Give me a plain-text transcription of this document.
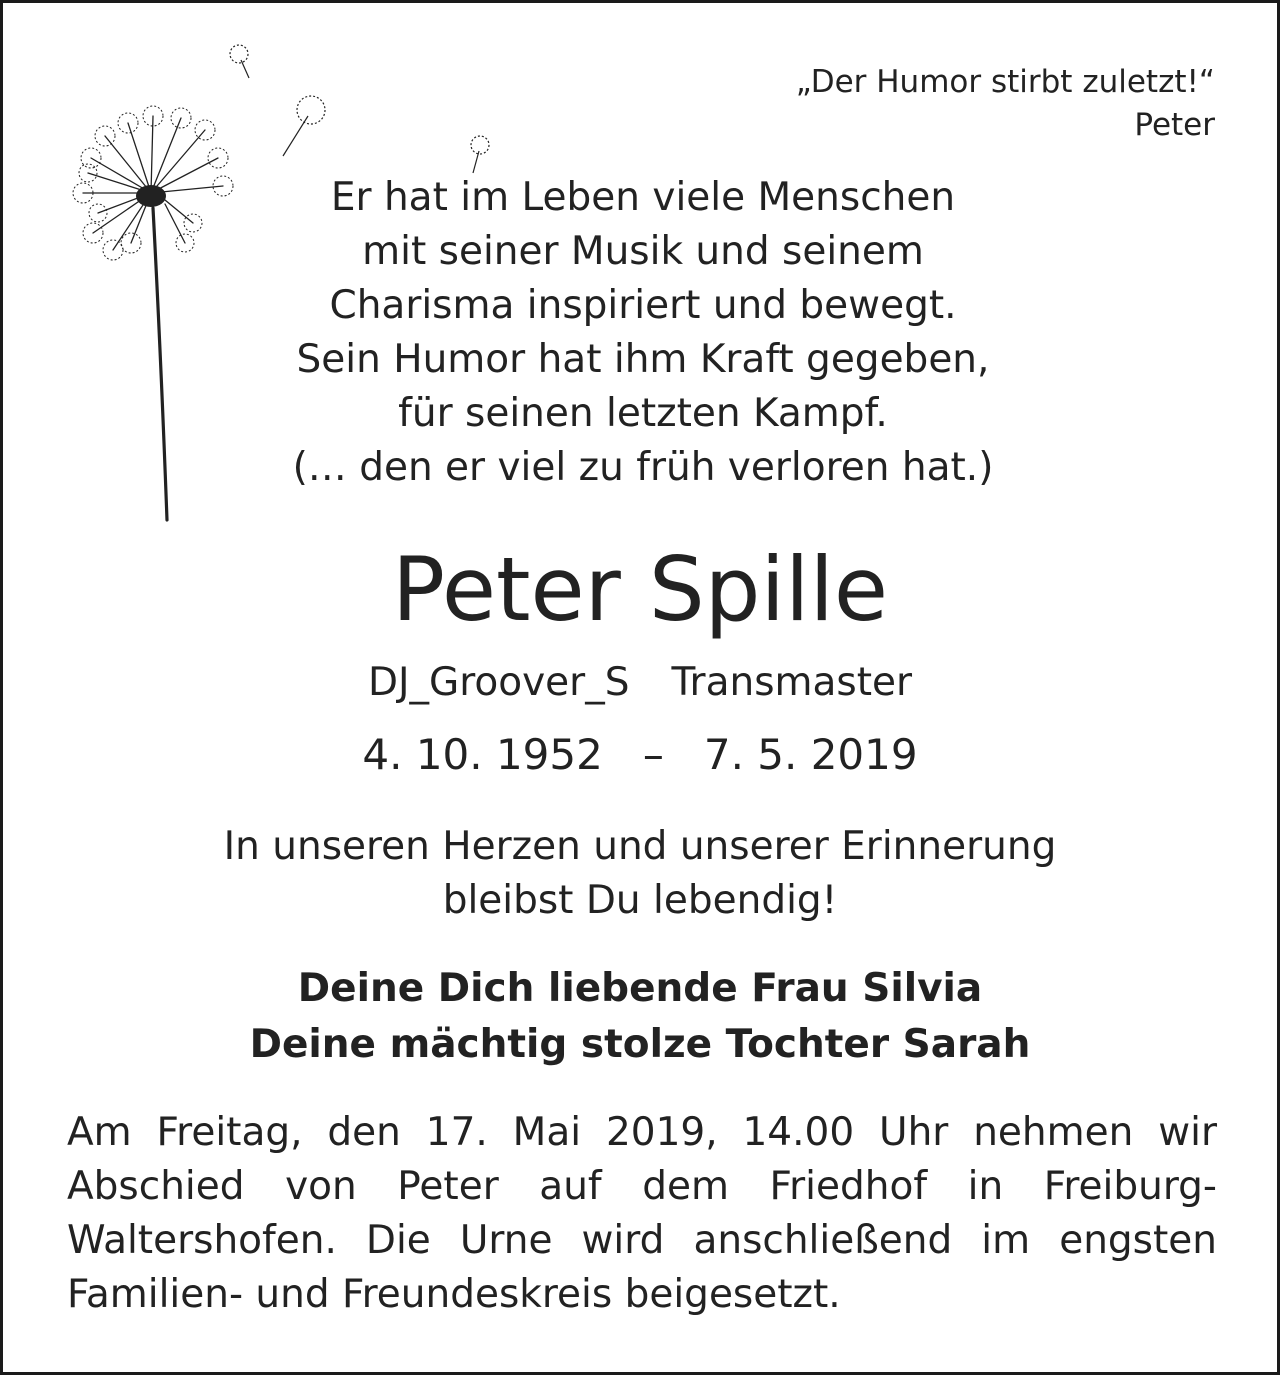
„Der Humor stirbt zuletzt!“
Peter
Er hat im Leben viele Menschen
mit seiner Musik und seinem
Charisma inspiriert und bewegt.
Sein Humor hat ihm Kraft gegeben,
für seinen letzten Kampf.
(… den er viel zu früh verloren hat.)
Peter Spille
DJ_Groover_S Transmaster
4. 10. 1952 – 7. 5. 2019
In unseren Herzen und unserer Erinnerung
bleibst Du lebendig!
Deine Dich liebende Frau Silvia
Deine mächtig stolze Tochter Sarah
Am Freitag, den 17. Mai 2019, 14.00 Uhr nehmen wir
Abschied von Peter auf dem Friedhof in Freiburg-
Waltershofen. Die Urne wird anschließend im engsten
Familien- und Freundeskreis beigesetzt.
